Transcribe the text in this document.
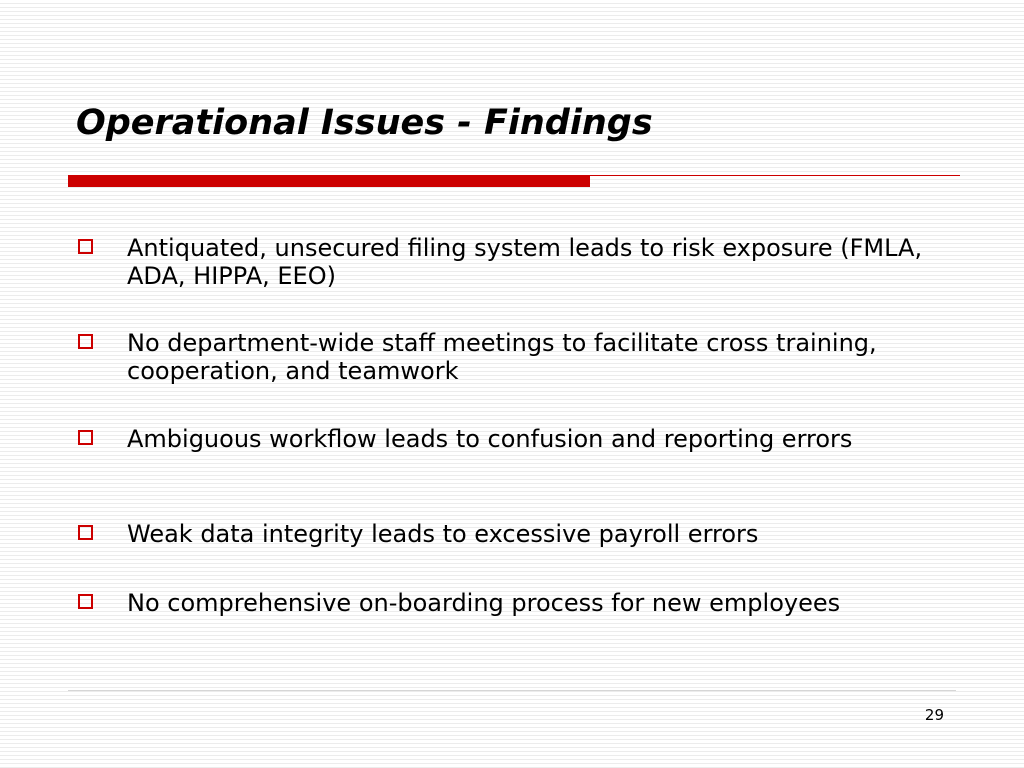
Operational Issues - Findings
Antiquated, unsecured filing system leads to risk exposure (FMLA, ADA, HIPPA, EEO)
No department-wide staff meetings to facilitate cross training, cooperation, and teamwork
Ambiguous workflow leads to confusion and reporting errors
Weak data integrity leads to excessive payroll errors
No comprehensive on-boarding process for new employees
29
